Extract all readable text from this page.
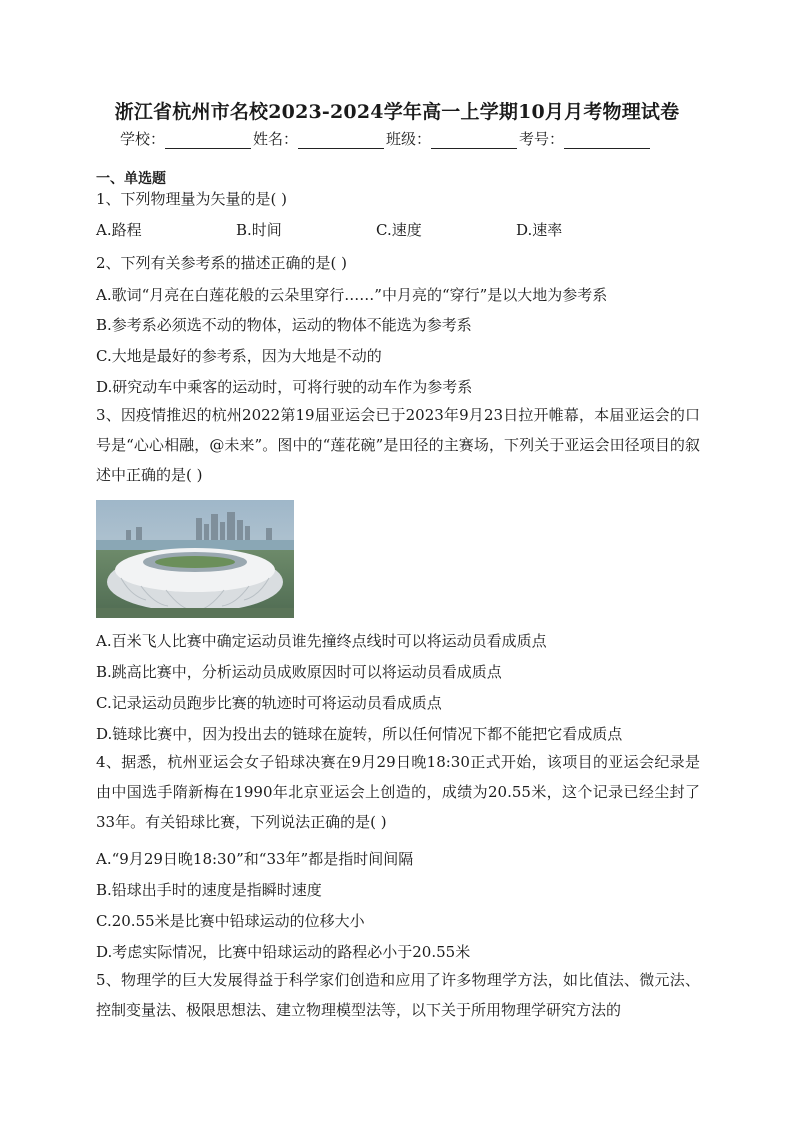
浙江省杭州市名校2023-2024学年高一上学期10月月考物理试卷
学校：	姓名：	班级：	考号：
一、单选题
1、下列物理量为矢量的是( )
A.路程	B.时间	C.速度	D.速率
2、下列有关参考系的描述正确的是( )
A.歌词“月亮在白莲花般的云朵里穿行……”中月亮的“穿行”是以大地为参考系
B.参考系必须选不动的物体，运动的物体不能选为参考系
C.大地是最好的参考系，因为大地是不动的
D.研究动车中乘客的运动时，可将行驶的动车作为参考系
3、因疫情推迟的杭州2022第19届亚运会已于2023年9月23日拉开帷幕，本届亚运会的口号是“心心相融，@未来”。图中的“莲花碗”是田径的主赛场，下列关于亚运会田径项目的叙述中正确的是( )
A.百米飞人比赛中确定运动员谁先撞终点线时可以将运动员看成质点
B.跳高比赛中，分析运动员成败原因时可以将运动员看成质点
C.记录运动员跑步比赛的轨迹时可将运动员看成质点
D.链球比赛中，因为投出去的链球在旋转，所以任何情况下都不能把它看成质点
4、据悉，杭州亚运会女子铅球决赛在9月29日晚18:30正式开始，该项目的亚运会纪录是由中国选手隋新梅在1990年北京亚运会上创造的，成绩为20.55米，这个记录已经尘封了33年。有关铅球比赛，下列说法正确的是( )
A.“9月29日晚18:30”和“33年”都是指时间间隔
B.铅球出手时的速度是指瞬时速度
C.20.55米是比赛中铅球运动的位移大小
D.考虑实际情况，比赛中铅球运动的路程必小于20.55米
5、物理学的巨大发展得益于科学家们创造和应用了许多物理学方法，如比值法、微元法、控制变量法、极限思想法、建立物理模型法等，以下关于所用物理学研究方法的
